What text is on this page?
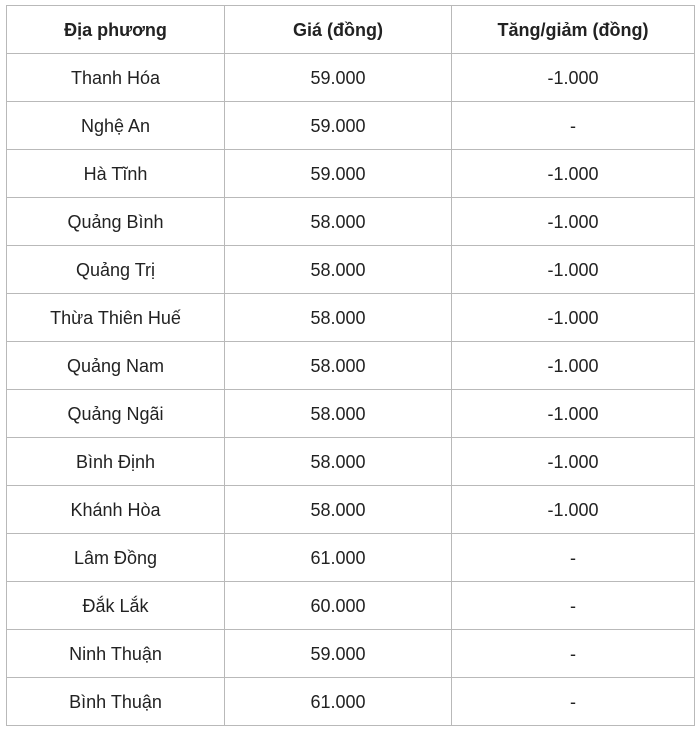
Địa phương	Giá (đồng)	Tăng/giảm (đồng)
Thanh Hóa	59.000	-1.000
Nghệ An	59.000	-
Hà Tĩnh	59.000	-1.000
Quảng Bình	58.000	-1.000
Quảng Trị	58.000	-1.000
Thừa Thiên Huế	58.000	-1.000
Quảng Nam	58.000	-1.000
Quảng Ngãi	58.000	-1.000
Bình Định	58.000	-1.000
Khánh Hòa	58.000	-1.000
Lâm Đồng	61.000	-
Đắk Lắk	60.000	-
Ninh Thuận	59.000	-
Bình Thuận	61.000	-
